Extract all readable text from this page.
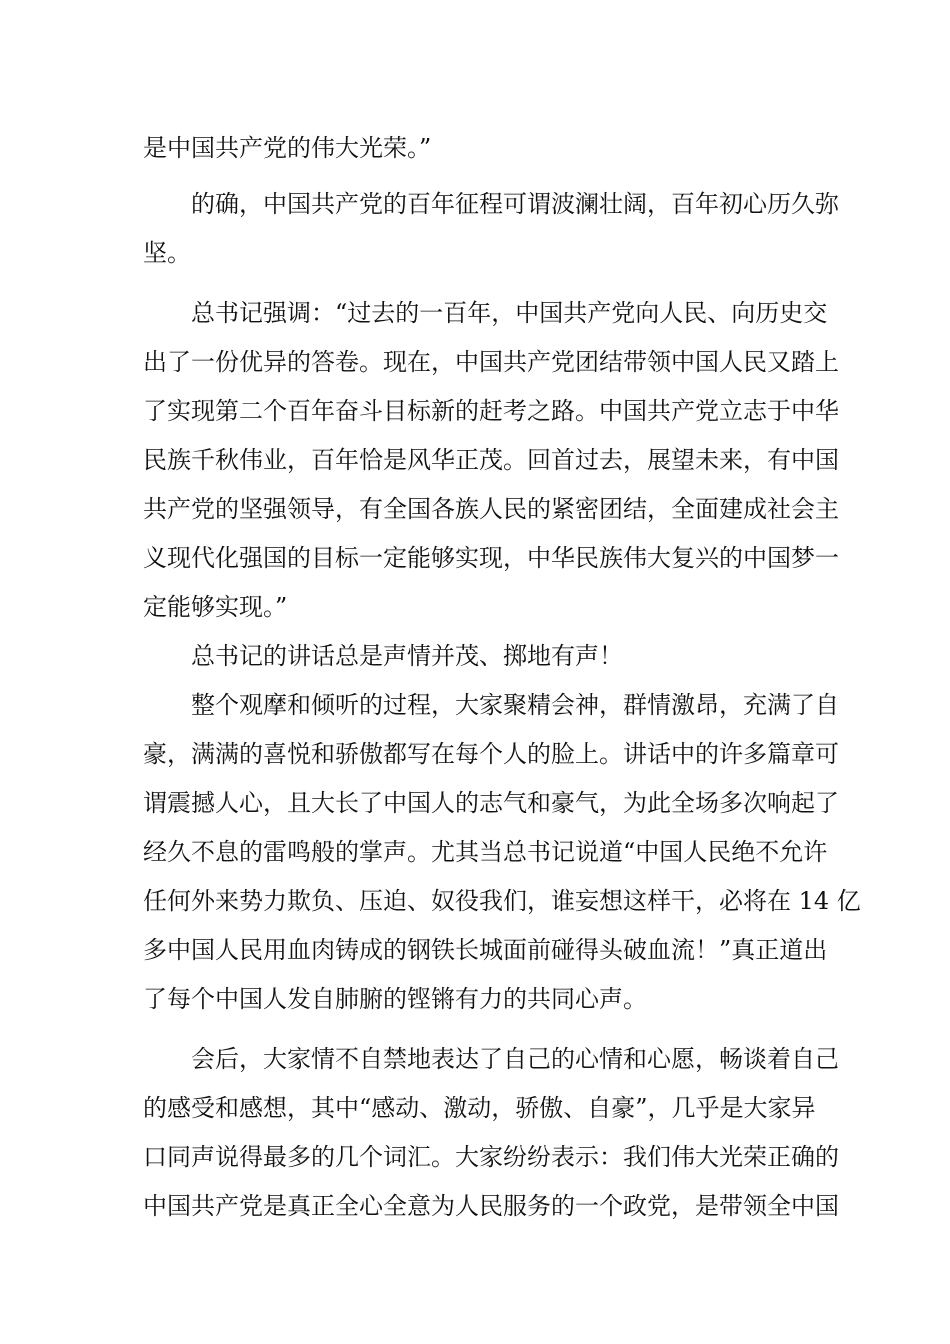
是中国共产党的伟大光荣。”

的确，中国共产党的百年征程可谓波澜壮阔，百年初心历久弥

坚。

总书记强调：“过去的一百年，中国共产党向人民、向历史交

出了一份优异的答卷。现在，中国共产党团结带领中国人民又踏上

了实现第二个百年奋斗目标新的赶考之路。中国共产党立志于中华

民族千秋伟业，百年恰是风华正茂。回首过去，展望未来，有中国

共产党的坚强领导，有全国各族人民的紧密团结，全面建成社会主

义现代化强国的目标一定能够实现，中华民族伟大复兴的中国梦一

定能够实现。”

总书记的讲话总是声情并茂、掷地有声！

整个观摩和倾听的过程，大家聚精会神，群情激昂，充满了自

豪，满满的喜悦和骄傲都写在每个人的脸上。讲话中的许多篇章可

谓震撼人心，且大长了中国人的志气和豪气，为此全场多次响起了

经久不息的雷鸣般的掌声。尤其当总书记说道“中国人民绝不允许

任何外来势力欺负、压迫、奴役我们，谁妄想这样干，必将在 14 亿

多中国人民用血肉铸成的钢铁长城面前碰得头破血流！”真正道出

了每个中国人发自肺腑的铿锵有力的共同心声。

会后，大家情不自禁地表达了自己的心情和心愿，畅谈着自己

的感受和感想，其中“感动、激动，骄傲、自豪”，几乎是大家异

口同声说得最多的几个词汇。大家纷纷表示：我们伟大光荣正确的

中国共产党是真正全心全意为人民服务的一个政党，是带领全中国
